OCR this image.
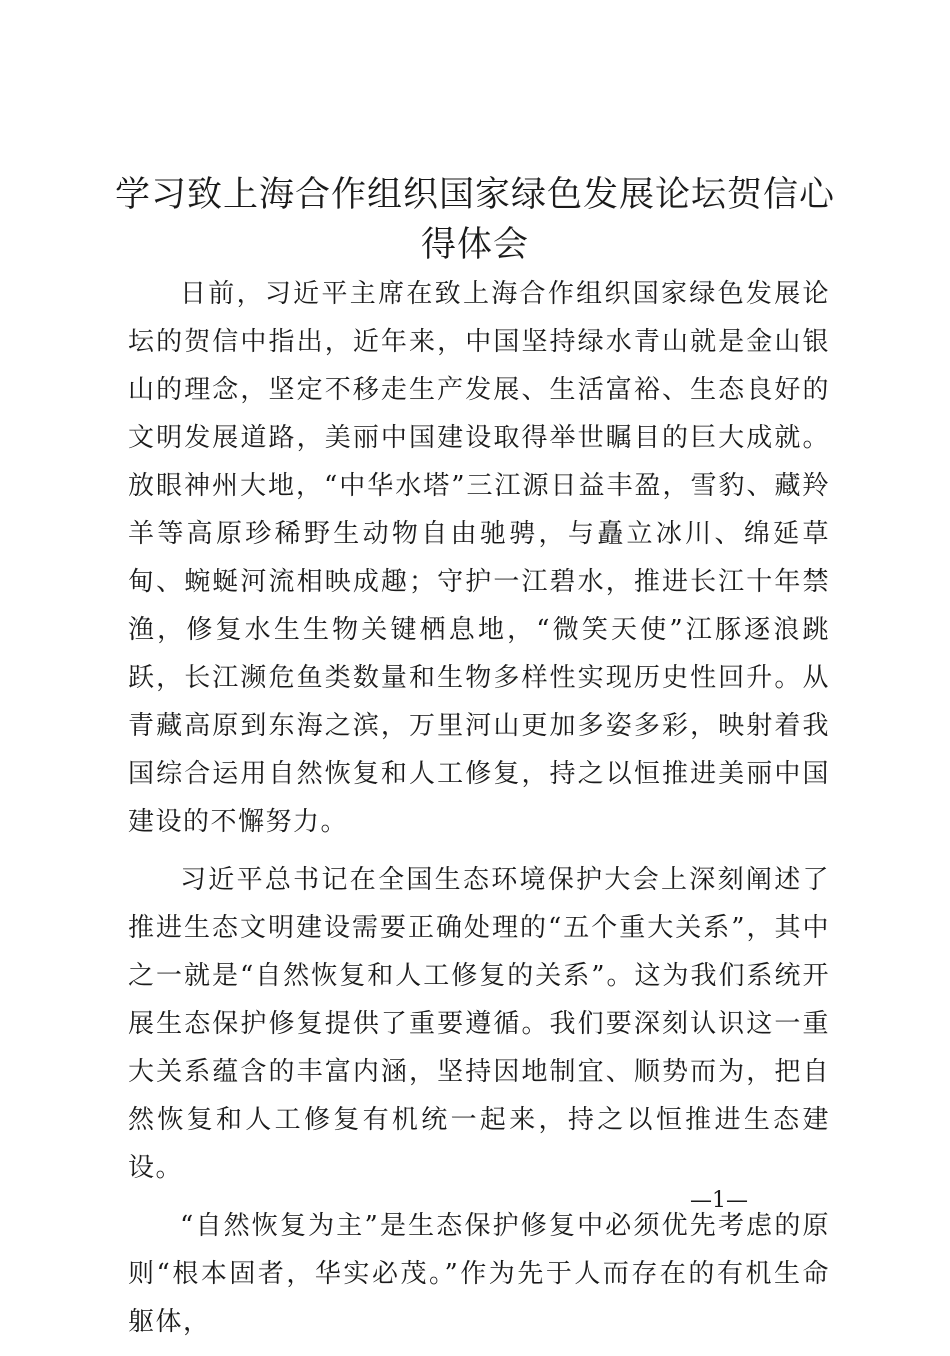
学习致上海合作组织国家绿色发展论坛贺信心
得体会

日前，习近平主席在致上海合作组织国家绿色发展论坛的贺信中指出，近年来，中国坚持绿水青山就是金山银山的理念，坚定不移走生产发展、生活富裕、生态良好的文明发展道路，美丽中国建设取得举世瞩目的巨大成就。放眼神州大地，“中华水塔”三江源日益丰盈，雪豹、藏羚羊等高原珍稀野生动物自由驰骋，与矗立冰川、绵延草甸、蜿蜒河流相映成趣；守护一江碧水，推进长江十年禁渔，修复水生生物关键栖息地，“微笑天使”江豚逐浪跳跃，长江濒危鱼类数量和生物多样性实现历史性回升。从青藏高原到东海之滨，万里河山更加多姿多彩，映射着我国综合运用自然恢复和人工修复，持之以恒推进美丽中国建设的不懈努力。

习近平总书记在全国生态环境保护大会上深刻阐述了推进生态文明建设需要正确处理的“五个重大关系”，其中之一就是“自然恢复和人工修复的关系”。这为我们系统开展生态保护修复提供了重要遵循。我们要深刻认识这一重大关系蕴含的丰富内涵，坚持因地制宜、顺势而为，把自然恢复和人工修复有机统一起来，持之以恒推进生态建设。

“自然恢复为主”是生态保护修复中必须优先考虑的原则“根本固者，华实必茂。”作为先于人而存在的有机生命躯体，

—1—
